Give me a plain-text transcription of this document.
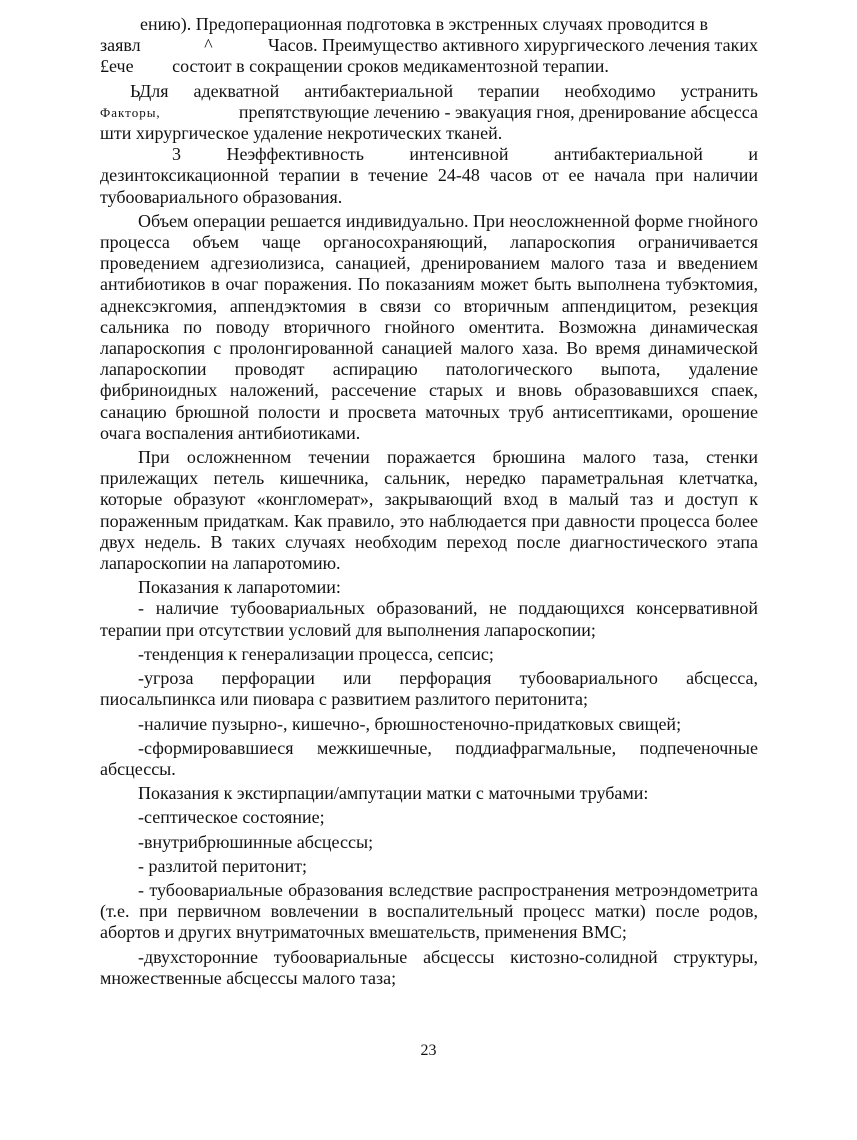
ению). Предоперационная подготовка в экстренных случаях проводится в

заявл	^	Часов. Преимущество активного хирургического лечения таких
£ече состоит в сокращении сроков медикаментозной терапии.
ЬДля адекватной антибактериальной терапии необходимо устранить
Факторы,	препятствующие лечению - эвакуация гноя, дренирование абсцесса
шти хирургическое удаление некротических тканей.
3	Неэффективность	интенсивной	антибактериальной	и

дезинтоксикационной терапии в течение 24-48 часов от ее начала при наличии тубоовариального образования.

Объем операции решается индивидуально. При неосложненной форме гнойного процесса объем чаще органосохраняющий, лапароскопия ограничивается проведением адгезиолизиса, санацией, дренированием малого таза и введением антибиотиков в очаг поражения. По показаниям может быть выполнена тубэктомия, аднексэкгомия, аппендэктомия в связи со вторичным аппендицитом, резекция сальника по поводу вторичного гнойного оментита. Возможна динамическая лапароскопия с пролонгированной санацией малого хаза. Во время динамической лапароскопии проводят аспирацию патологического выпота, удаление фибриноидных наложений, рассечение старых и вновь образовавшихся спаек, санацию брюшной полости и просвета маточных труб антисептиками, орошение очага воспаления антибиотиками.

При осложненном течении поражается брюшина малого таза, стенки прилежащих петель кишечника, сальник, нередко параметральная клетчатка, которые образуют «конгломерат», закрывающий вход в малый таз и доступ к пораженным придаткам. Как правило, это наблюдается при давности процесса более двух недель. В таких случаях необходим переход после диагностического этапа лапароскопии на лапаротомию.

Показания к лапаротомии:

- наличие тубоовариальных образований, не поддающихся консервативной терапии при отсутствии условий для выполнения лапароскопии;

-тенденция к генерализации процесса, сепсис;

-угроза перфорации или перфорация тубоовариального абсцесса, пиосальпинкса или пиовара с развитием разлитого перитонита;

-наличие пузырно-, кишечно-, брюшностеночно-придатковых свищей;

-сформировавшиеся межкишечные, поддиафрагмальные, подпеченочные абсцессы.

Показания к экстирпации/ампутации матки с маточными трубами:

-септическое состояние;

-внутрибрюшинные абсцессы;

- разлитой перитонит;

- тубоовариальные образования вследствие распространения метроэндометрита (т.е. при первичном вовлечении в воспалительный процесс матки) после родов, абортов и других внутриматочных вмешательств, применения ВМС;

-двухсторонние тубоовариальные абсцессы кистозно-солидной структуры, множественные абсцессы малого таза;

23
